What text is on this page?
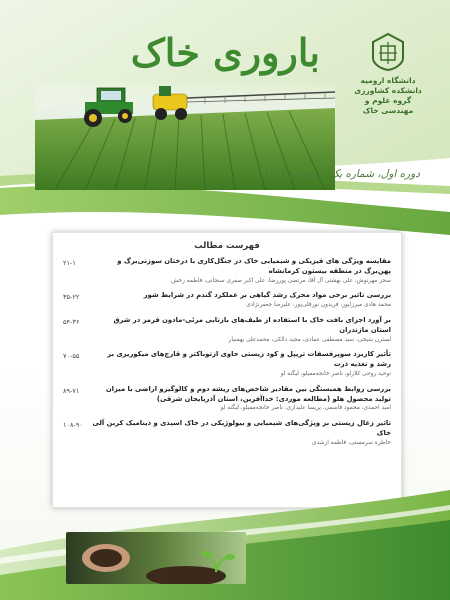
باروری خاک
دانشگاه ارومیه
دانشکده کشاورزی
گروه علوم و مهندسی خاک
دوره اول، شماره یک، زمستان ۱۴۰۱
فهرست مطالب
مقایسه ویژگی های فیزیکی و شیمیایی خاک در جنگل‌کاری با درختان سوزنی‌برگ و پهن‌برگ در منطقه بیستون کرمانشاه
سحر مهرنوش، علی بهشتی آل آقا، مرتضی پوررضا، علی اکبر صفری سنجانی، فاطمه رخش
۲۱-۱
بررسی تاثیر برخی مواد محرک رشد گیاهی بر عملکرد گندم در شرایط شور
محمد هادی میرزاپور، فریدون نورقلی‌پور، علیرضا جعفرنژادی
۳۵-۲۲
بر آورد اجزای بافت خاک با استفاده از طیف‌های بازتابی مرئی-مادون قرمز در شرق استان مازندران
لسترن شیخی، سید مصطفی عمادی، مجید دالکی، محمدعلی بهمنیار
۵۴-۳۶
تأثیر کاربرد سوپرفسفات تریپل و کود زیستی حاوی ازتوباکتر و قارچ‌های میکوریزی بر رشد و تغذیه ذرت
توحید روحی کلازلو، ناصر خانجه‌ممیلو، لیگنه لو
۷۰-۵۵
بررسی روابط همبستگی بین مقادیر شاخص‌های ریشه دوم و کالوگیرو اراضی با میزان تولید محصول هلو (مطالعه موردی: خداآفرین، استان آذربایجان شرقی)
امید احمدی، محمود قاسمی، پریسا علیداری، ناصر خانجه‌ممیلو، لیگنه لو
۸۹-۷۱
تاثیر زغال زیستی بر ویژگی‌های شیمیایی و بیولوژیکی در خاک اسیدی و دینامیک کربن آلی خاک
خاطره سرمستی، فاطمه ارشدی
۱۰۸-۹۰
